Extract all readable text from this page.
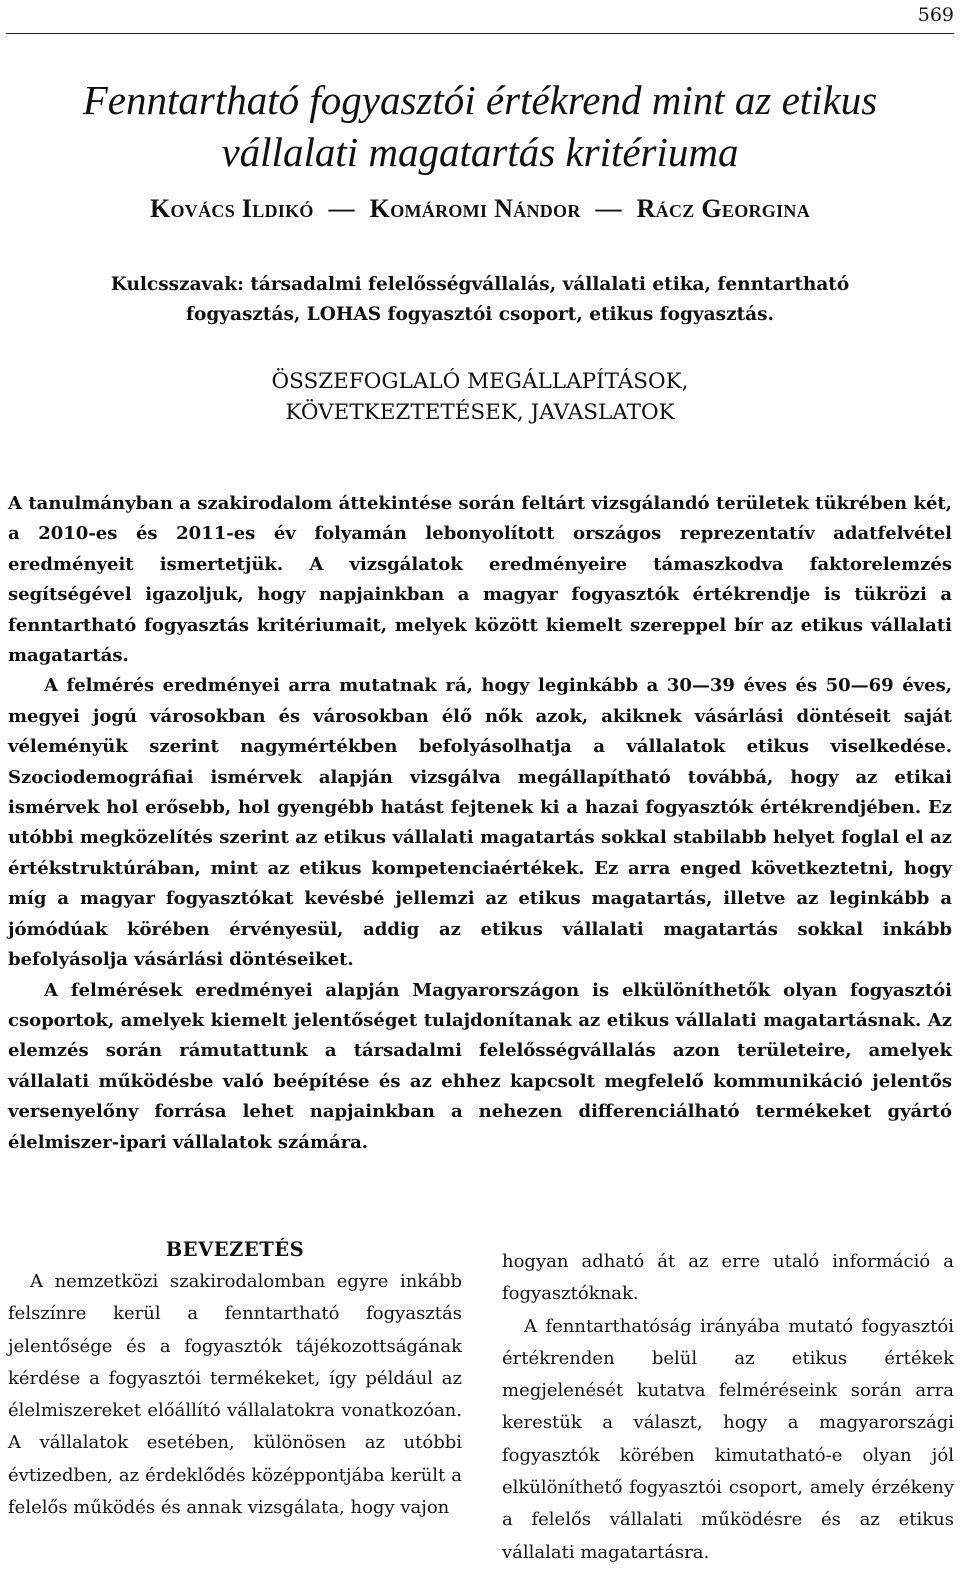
569
Fenntartható fogyasztói értékrend mint az etikus
vállalati magatartás kritériuma
Kovács Ildikó — Komáromi Nándor — Rácz Georgina
Kulcsszavak: társadalmi felelősségvállalás, vállalati etika, fenntartható
fogyasztás, LOHAS fogyasztói csoport, etikus fogyasztás.
ÖSSZEFOGLALÓ MEGÁLLAPÍTÁSOK,
KÖVETKEZTETÉSEK, JAVASLATOK

A tanulmányban a szakirodalom áttekintése során feltárt vizsgálandó területek tükrében két, a 2010-es és 2011-es év folyamán lebonyolított országos reprezentatív adatfelvétel eredményeit ismertetjük. A vizsgálatok eredményeire támaszkodva faktorelemzés segítségével igazoljuk, hogy napjainkban a magyar fogyasztók értékrendje is tükrözi a fenntartható fogyasztás kritériumait, melyek között kiemelt szereppel bír az etikus vállalati magatartás.

A felmérés eredményei arra mutatnak rá, hogy leginkább a 30—39 éves és 50—69 éves, megyei jogú városokban és városokban élő nők azok, akiknek vásárlási döntéseit saját véleményük szerint nagymértékben befolyásolhatja a vállalatok etikus viselkedése. Szociodemográfiai ismérvek alapján vizsgálva megállapítható továbbá, hogy az etikai ismérvek hol erősebb, hol gyengébb hatást fejtenek ki a hazai fogyasztók értékrendjében. Ez utóbbi megközelítés szerint az etikus vállalati magatartás sokkal stabilabb helyet foglal el az értékstruktúrában, mint az etikus kompetenciaértékek. Ez arra enged következtetni, hogy míg a magyar fogyasztókat kevésbé jellemzi az etikus magatartás, illetve az leginkább a jómódúak körében érvényesül, addig az etikus vállalati magatartás sokkal inkább befolyásolja vásárlási döntéseiket.

A felmérések eredményei alapján Magyarországon is elkülöníthetők olyan fogyasztói csoportok, amelyek kiemelt jelentőséget tulajdonítanak az etikus vállalati magatartásnak. Az elemzés során rámutattunk a társadalmi felelősségvállalás azon területeire, amelyek vállalati működésbe való beépítése és az ehhez kapcsolt megfelelő kommunikáció jelentős versenyelőny forrása lehet napjainkban a nehezen differenciálható termékeket gyártó élelmiszer-ipari vállalatok számára.

BEVEZETÉS

A nemzetközi szakirodalomban egyre inkább felszínre kerül a fenntartható fogyasztás jelentősége és a fogyasztók tájékozottságának kérdése a fogyasztói termékeket, így például az élelmiszereket előállító vállalatokra vonatkozóan. A vállalatok esetében, különösen az utóbbi évtizedben, az érdeklődés középpontjába került a felelős működés és annak vizsgálata, hogy vajon

hogyan adható át az erre utaló információ a fogyasztóknak.

A fenntarthatóság irányába mutató fogyasztói értékrenden belül az etikus értékek megjelenését kutatva felméréseink során arra kerestük a választ, hogy a magyarországi fogyasztók körében kimutatható-e olyan jól elkülöníthető fogyasztói csoport, amely érzékeny a felelős vállalati működésre és az etikus vállalati magatartásra.
